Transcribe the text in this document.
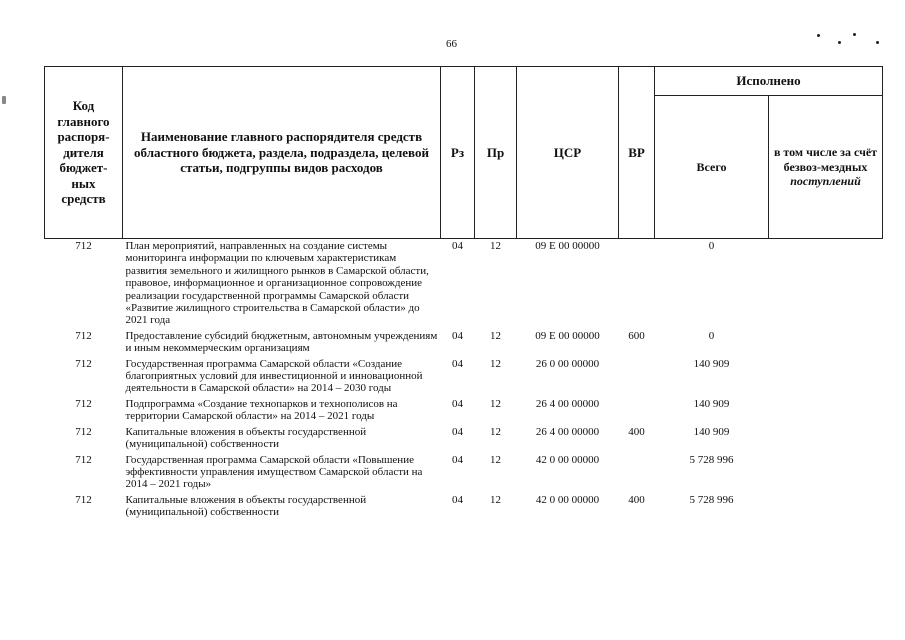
66
Код главного распоря-дителя бюджет-ных средств	Наименование главного распорядителя средств областного бюджета, раздела, подраздела, целевой статьи, подгруппы видов расходов	Рз	Пр	ЦСР	ВР	Исполнено	
						Всего	в том числе за счёт безвоз-мездных поступлений
712	План мероприятий, направленных на создание системы мониторинга информации по ключевым характеристикам развития земельного и жилищного рынков в Самарской области, правовое, информационное и организационное сопровождение реализации государственной программы Самарской области «Развитие жилищного строительства в Самарской области» до 2021 года	04	12	09 Е 00 00000		0	
712	Предоставление субсидий бюджетным, автономным учреждениям и иным некоммерческим организациям	04	12	09 Е 00 00000	600	0	
712	Государственная программа Самарской области «Создание благоприятных условий для инвестиционной и инновационной деятельности в Самарской области» на 2014 – 2030 годы	04	12	26 0 00 00000		140 909	
712	Подпрограмма «Создание технопарков и технополисов на территории Самарской области» на 2014 – 2021 годы	04	12	26 4 00 00000		140 909	
712	Капитальные вложения в объекты государственной (муниципальной) собственности	04	12	26 4 00 00000	400	140 909	
712	Государственная программа Самарской области «Повышение эффективности управления имуществом Самарской области на 2014 – 2021 годы»	04	12	42 0 00 00000		5 728 996	
712	Капитальные вложения в объекты государственной (муниципальной) собственности	04	12	42 0 00 00000	400	5 728 996	
